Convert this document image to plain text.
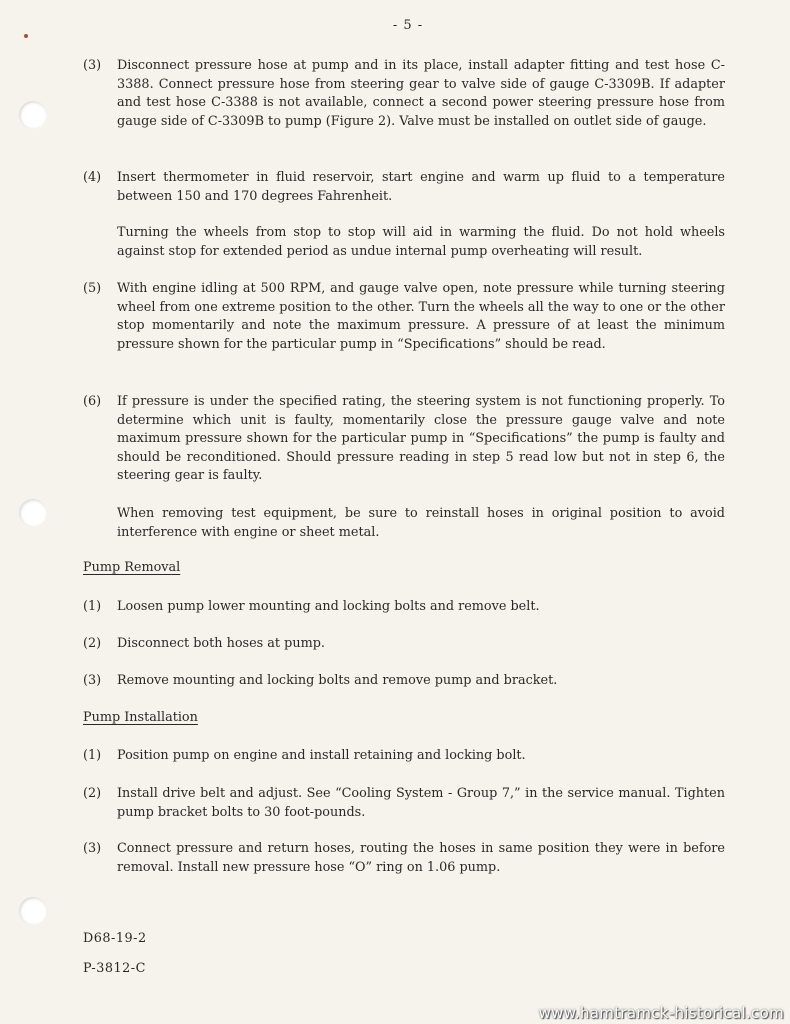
- 5 -
(3) Disconnect pressure hose at pump and in its place, install adapter fitting and test hose C-3388. Connect pressure hose from steering gear to valve side of gauge C-3309B. If adapter and test hose C-3388 is not available, connect a second power steering pressure hose from gauge side of C-3309B to pump (Figure 2). Valve must be installed on outlet side of gauge.
(4) Insert thermometer in fluid reservoir, start engine and warm up fluid to a temperature between 150 and 170 degrees Fahrenheit.
Turning the wheels from stop to stop will aid in warming the fluid. Do not hold wheels against stop for extended period as undue internal pump overheating will result.
(5) With engine idling at 500 RPM, and gauge valve open, note pressure while turning steering wheel from one extreme position to the other. Turn the wheels all the way to one or the other stop momentarily and note the maximum pressure. A pressure of at least the minimum pressure shown for the particular pump in “Specifications” should be read.
(6) If pressure is under the specified rating, the steering system is not functioning properly. To determine which unit is faulty, momentarily close the pressure gauge valve and note maximum pressure shown for the particular pump in “Specifications” the pump is faulty and should be reconditioned. Should pressure reading in step 5 read low but not in step 6, the steering gear is faulty.
When removing test equipment, be sure to reinstall hoses in original position to avoid interference with engine or sheet metal.
Pump Removal
(1) Loosen pump lower mounting and locking bolts and remove belt.
(2) Disconnect both hoses at pump.
(3) Remove mounting and locking bolts and remove pump and bracket.
Pump Installation
(1) Position pump on engine and install retaining and locking bolt.
(2) Install drive belt and adjust. See “Cooling System - Group 7,” in the service manual. Tighten pump bracket bolts to 30 foot-pounds.
(3) Connect pressure and return hoses, routing the hoses in same position they were in before removal. Install new pressure hose “O” ring on 1.06 pump.
D68-19-2
P-3812-C
www.hamtramck-historical.com
